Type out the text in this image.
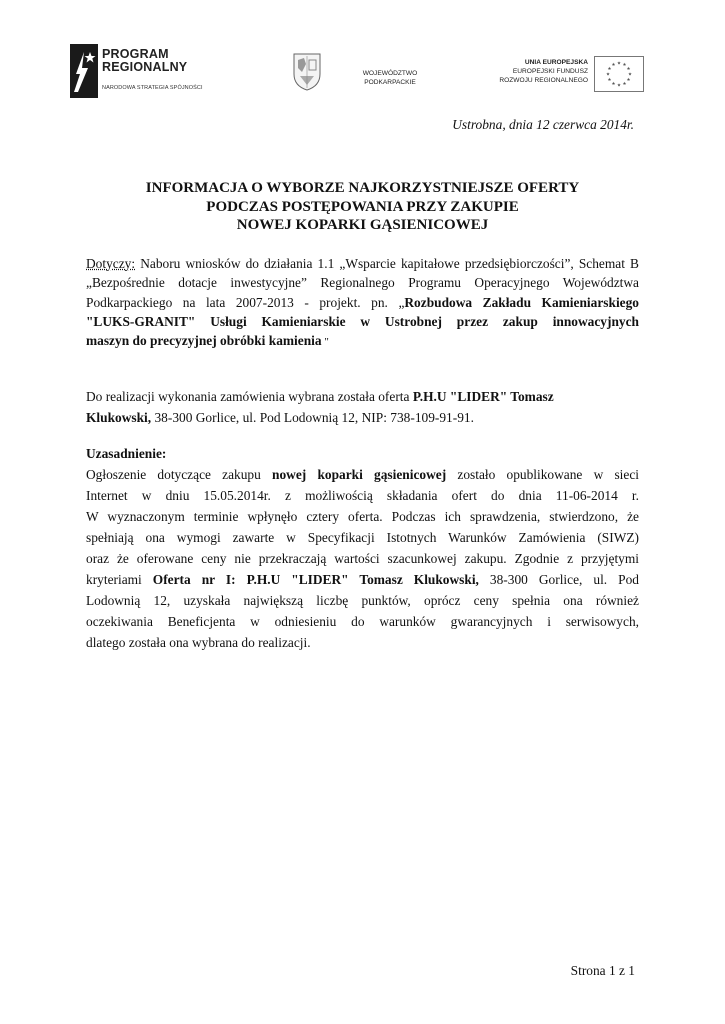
PROGRAM
REGIONALNY
NARODOWA STRATEGIA SPÓJNOŚCI
WOJEWÓDZTWO
PODKARPACKIE
UNIA EUROPEJSKA
EUROPEJSKI FUNDUSZ
ROZWOJU REGIONALNEGO
Ustrobna, dnia 12 czerwca 2014r.
INFORMACJA O WYBORZE NAJKORZYSTNIEJSZE OFERTY
PODCZAS POSTĘPOWANIA PRZY ZAKUPIE
NOWEJ KOPARKI GĄSIENICOWEJ
Dotyczy: Naboru wniosków do działania 1.1 „Wsparcie kapitałowe przedsiębiorczości”, Schemat B
„Bezpośrednie dotacje inwestycyjne” Regionalnego Programu Operacyjnego Województwa
Podkarpackiego na lata 2007-2013 - projekt. pn. „Rozbudowa Zakładu Kamieniarskiego
"LUKS-GRANIT" Usługi Kamieniarskie w Ustrobnej przez zakup innowacyjnych
maszyn do precyzyjnej obróbki kamienia "
Do realizacji wykonania zamówienia wybrana została oferta P.H.U "LIDER" Tomasz
Klukowski, 38-300 Gorlice, ul. Pod Lodownią 12, NIP: 738-109-91-91.
Uzasadnienie:
Ogłoszenie dotyczące zakupu nowej koparki gąsienicowej zostało opublikowane w sieci
Internet w dniu 15.05.2014r. z możliwością składania ofert do dnia 11-06-2014 r.
W wyznaczonym terminie wpłynęło cztery oferta. Podczas ich sprawdzenia, stwierdzono, że
spełniają ona wymogi zawarte w Specyfikacji Istotnych Warunków Zamówienia (SIWZ)
oraz że oferowane ceny nie przekraczają wartości szacunkowej zakupu. Zgodnie z przyjętymi
kryteriami Oferta nr I: P.H.U "LIDER" Tomasz Klukowski, 38-300 Gorlice, ul. Pod
Lodownią 12, uzyskała największą liczbę punktów, oprócz ceny spełnia ona również
oczekiwania Beneficjenta w odniesieniu do warunków gwarancyjnych i serwisowych,
dlatego została ona wybrana do realizacji.
Strona 1 z 1
